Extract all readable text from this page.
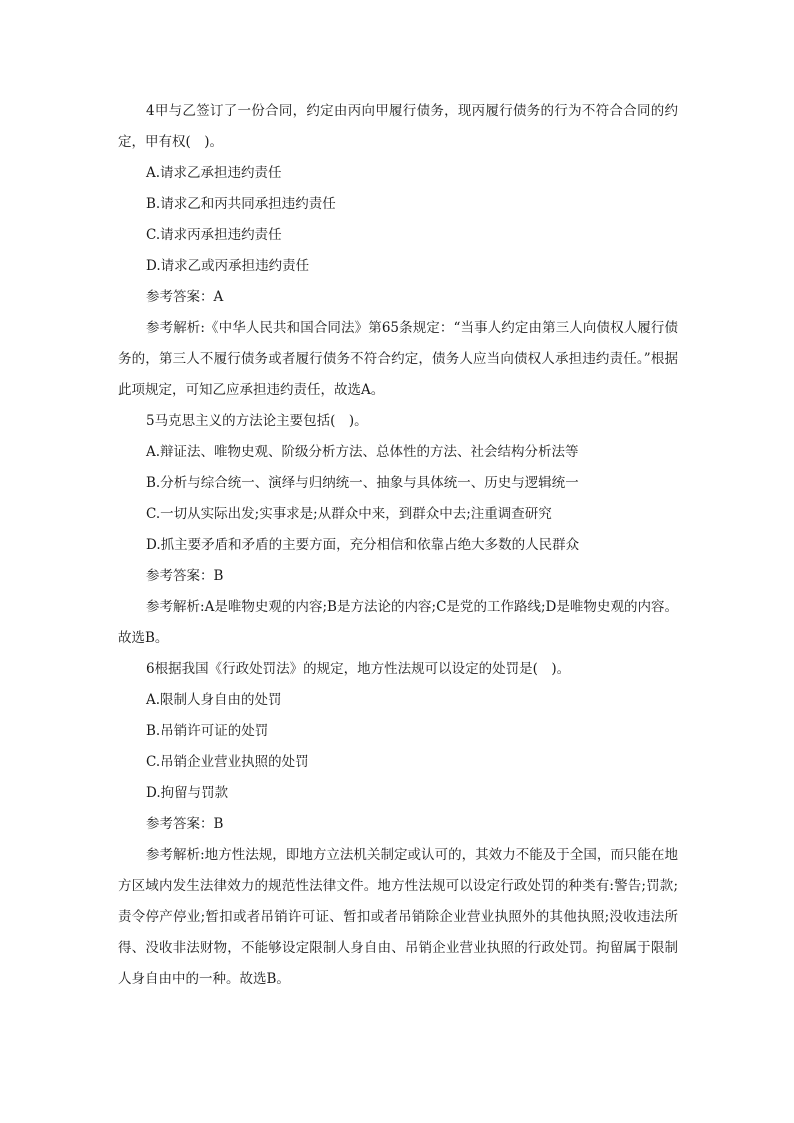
4甲与乙签订了一份合同，约定由丙向甲履行债务，现丙履行债务的行为不符合合同的约定，甲有权(　)。
A.请求乙承担违约责任
B.请求乙和丙共同承担违约责任
C.请求丙承担违约责任
D.请求乙或丙承担违约责任
参考答案：A
参考解析:《中华人民共和国合同法》第65条规定：“当事人约定由第三人向债权人履行债务的，第三人不履行债务或者履行债务不符合约定，债务人应当向债权人承担违约责任。”根据此项规定，可知乙应承担违约责任，故选A。
5马克思主义的方法论主要包括(　)。
A.辩证法、唯物史观、阶级分析方法、总体性的方法、社会结构分析法等
B.分析与综合统一、演绎与归纳统一、抽象与具体统一、历史与逻辑统一
C.一切从实际出发;实事求是;从群众中来，到群众中去;注重调查研究
D.抓主要矛盾和矛盾的主要方面，充分相信和依靠占绝大多数的人民群众
参考答案：B
参考解析:A是唯物史观的内容;B是方法论的内容;C是党的工作路线;D是唯物史观的内容。故选B。
6根据我国《行政处罚法》的规定，地方性法规可以设定的处罚是(　)。
A.限制人身自由的处罚
B.吊销许可证的处罚
C.吊销企业营业执照的处罚
D.拘留与罚款
参考答案：B
参考解析:地方性法规，即地方立法机关制定或认可的，其效力不能及于全国，而只能在地方区域内发生法律效力的规范性法律文件。地方性法规可以设定行政处罚的种类有:警告;罚款;责令停产停业;暂扣或者吊销许可证、暂扣或者吊销除企业营业执照外的其他执照;没收违法所得、没收非法财物，不能够设定限制人身自由、吊销企业营业执照的行政处罚。拘留属于限制人身自由中的一种。故选B。
